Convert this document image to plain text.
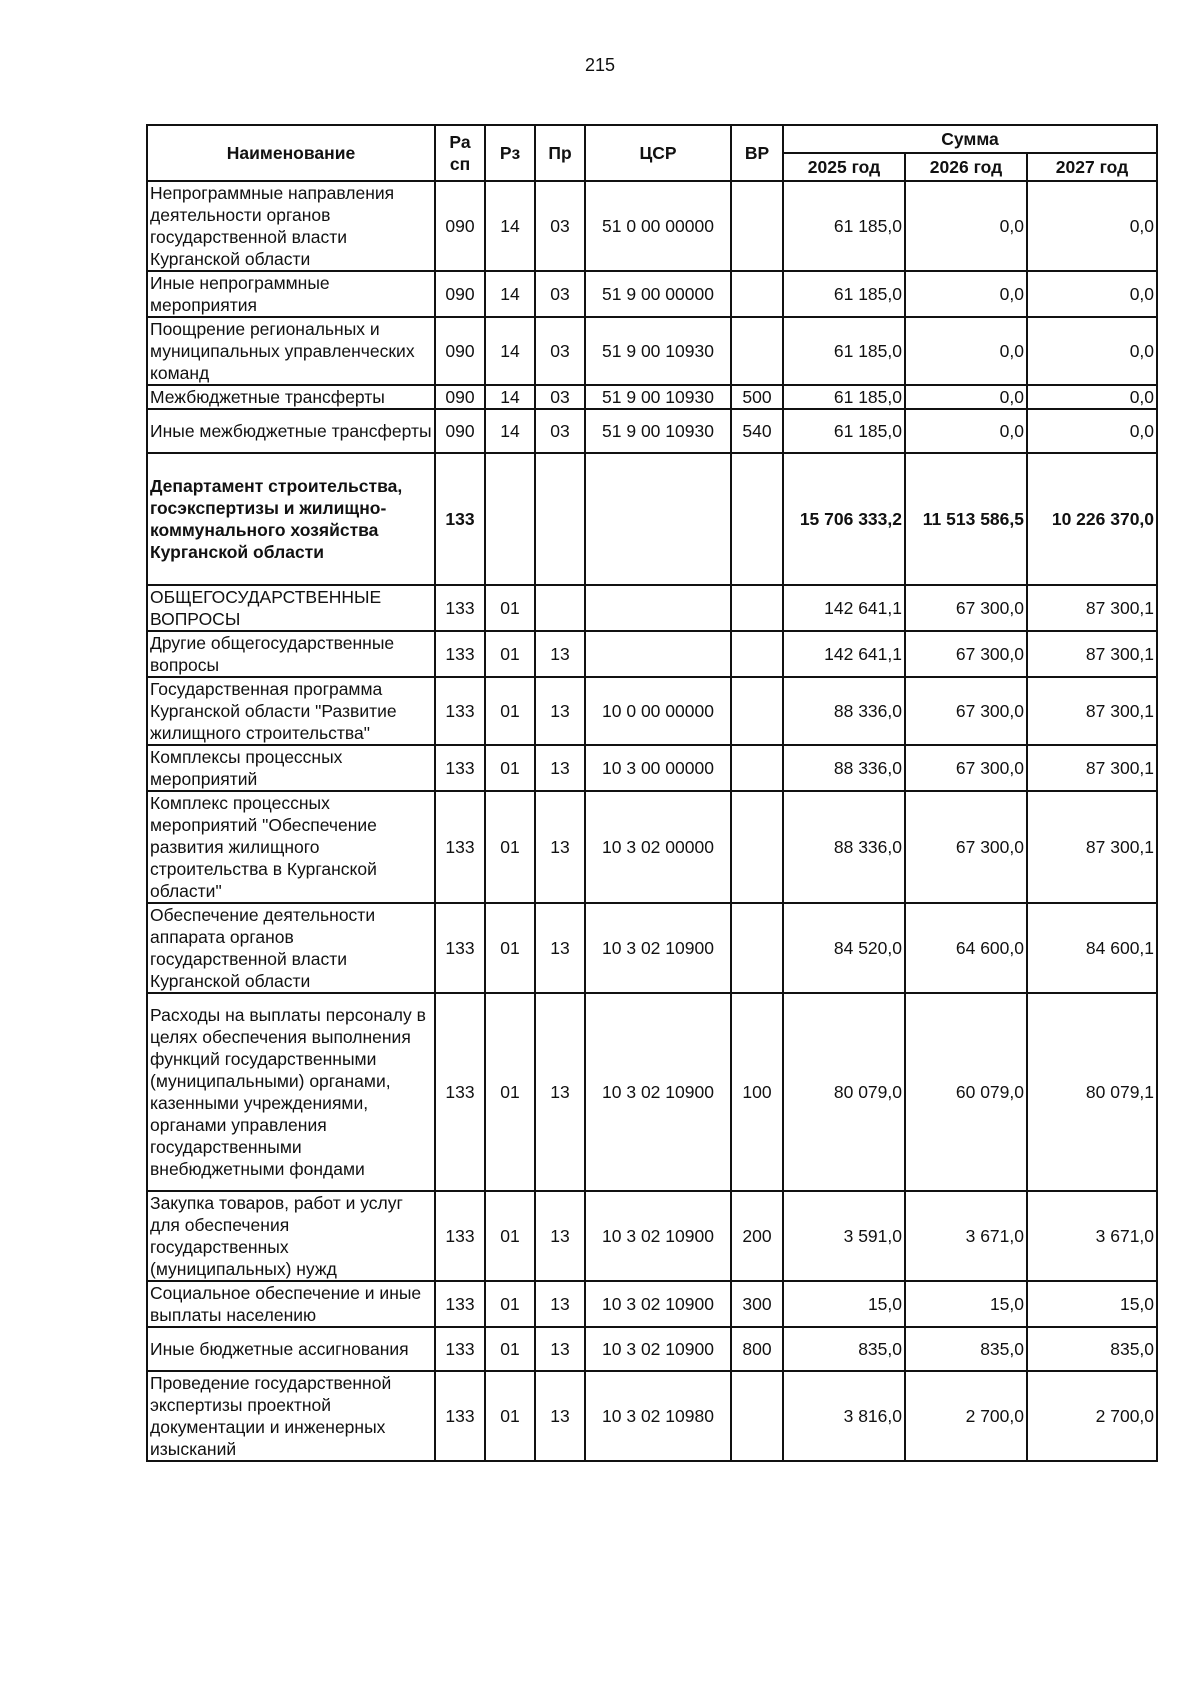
215
Наименование	Ра сп	Рз	Пр	ЦСР	ВР	Сумма		
						2025 год	2026 год	2027 год
Непрограммные направления деятельности органов государственной власти Курганской области	090	14	03	51 0 00 00000		61 185,0	0,0	0,0
Иные непрограммные мероприятия	090	14	03	51 9 00 00000		61 185,0	0,0	0,0
Поощрение региональных и муниципальных управленческих команд	090	14	03	51 9 00 10930		61 185,0	0,0	0,0
Межбюджетные трансферты	090	14	03	51 9 00 10930	500	61 185,0	0,0	0,0
Иные межбюджетные трансферты	090	14	03	51 9 00 10930	540	61 185,0	0,0	0,0
Департамент строительства, госэкспертизы и жилищно-коммунального хозяйства Курганской области	133					15 706 333,2	11 513 586,5	10 226 370,0
ОБЩЕГОСУДАРСТВЕННЫЕ ВОПРОСЫ	133	01				142 641,1	67 300,0	87 300,1
Другие общегосударственные вопросы	133	01	13			142 641,1	67 300,0	87 300,1
Государственная программа Курганской области "Развитие жилищного строительства"	133	01	13	10 0 00 00000		88 336,0	67 300,0	87 300,1
Комплексы процессных мероприятий	133	01	13	10 3 00 00000		88 336,0	67 300,0	87 300,1
Комплекс процессных мероприятий "Обеспечение развития жилищного строительства в Курганской области"	133	01	13	10 3 02 00000		88 336,0	67 300,0	87 300,1
Обеспечение деятельности аппарата органов государственной власти Курганской области	133	01	13	10 3 02 10900		84 520,0	64 600,0	84 600,1
Расходы на выплаты персоналу в целях обеспечения выполнения функций государственными (муниципальными) органами, казенными учреждениями, органами управления государственными внебюджетными фондами	133	01	13	10 3 02 10900	100	80 079,0	60 079,0	80 079,1
Закупка товаров, работ и услуг для обеспечения государственных (муниципальных) нужд	133	01	13	10 3 02 10900	200	3 591,0	3 671,0	3 671,0
Социальное обеспечение и иные выплаты населению	133	01	13	10 3 02 10900	300	15,0	15,0	15,0
Иные бюджетные ассигнования	133	01	13	10 3 02 10900	800	835,0	835,0	835,0
Проведение государственной экспертизы проектной документации и инженерных изысканий	133	01	13	10 3 02 10980		3 816,0	2 700,0	2 700,0
